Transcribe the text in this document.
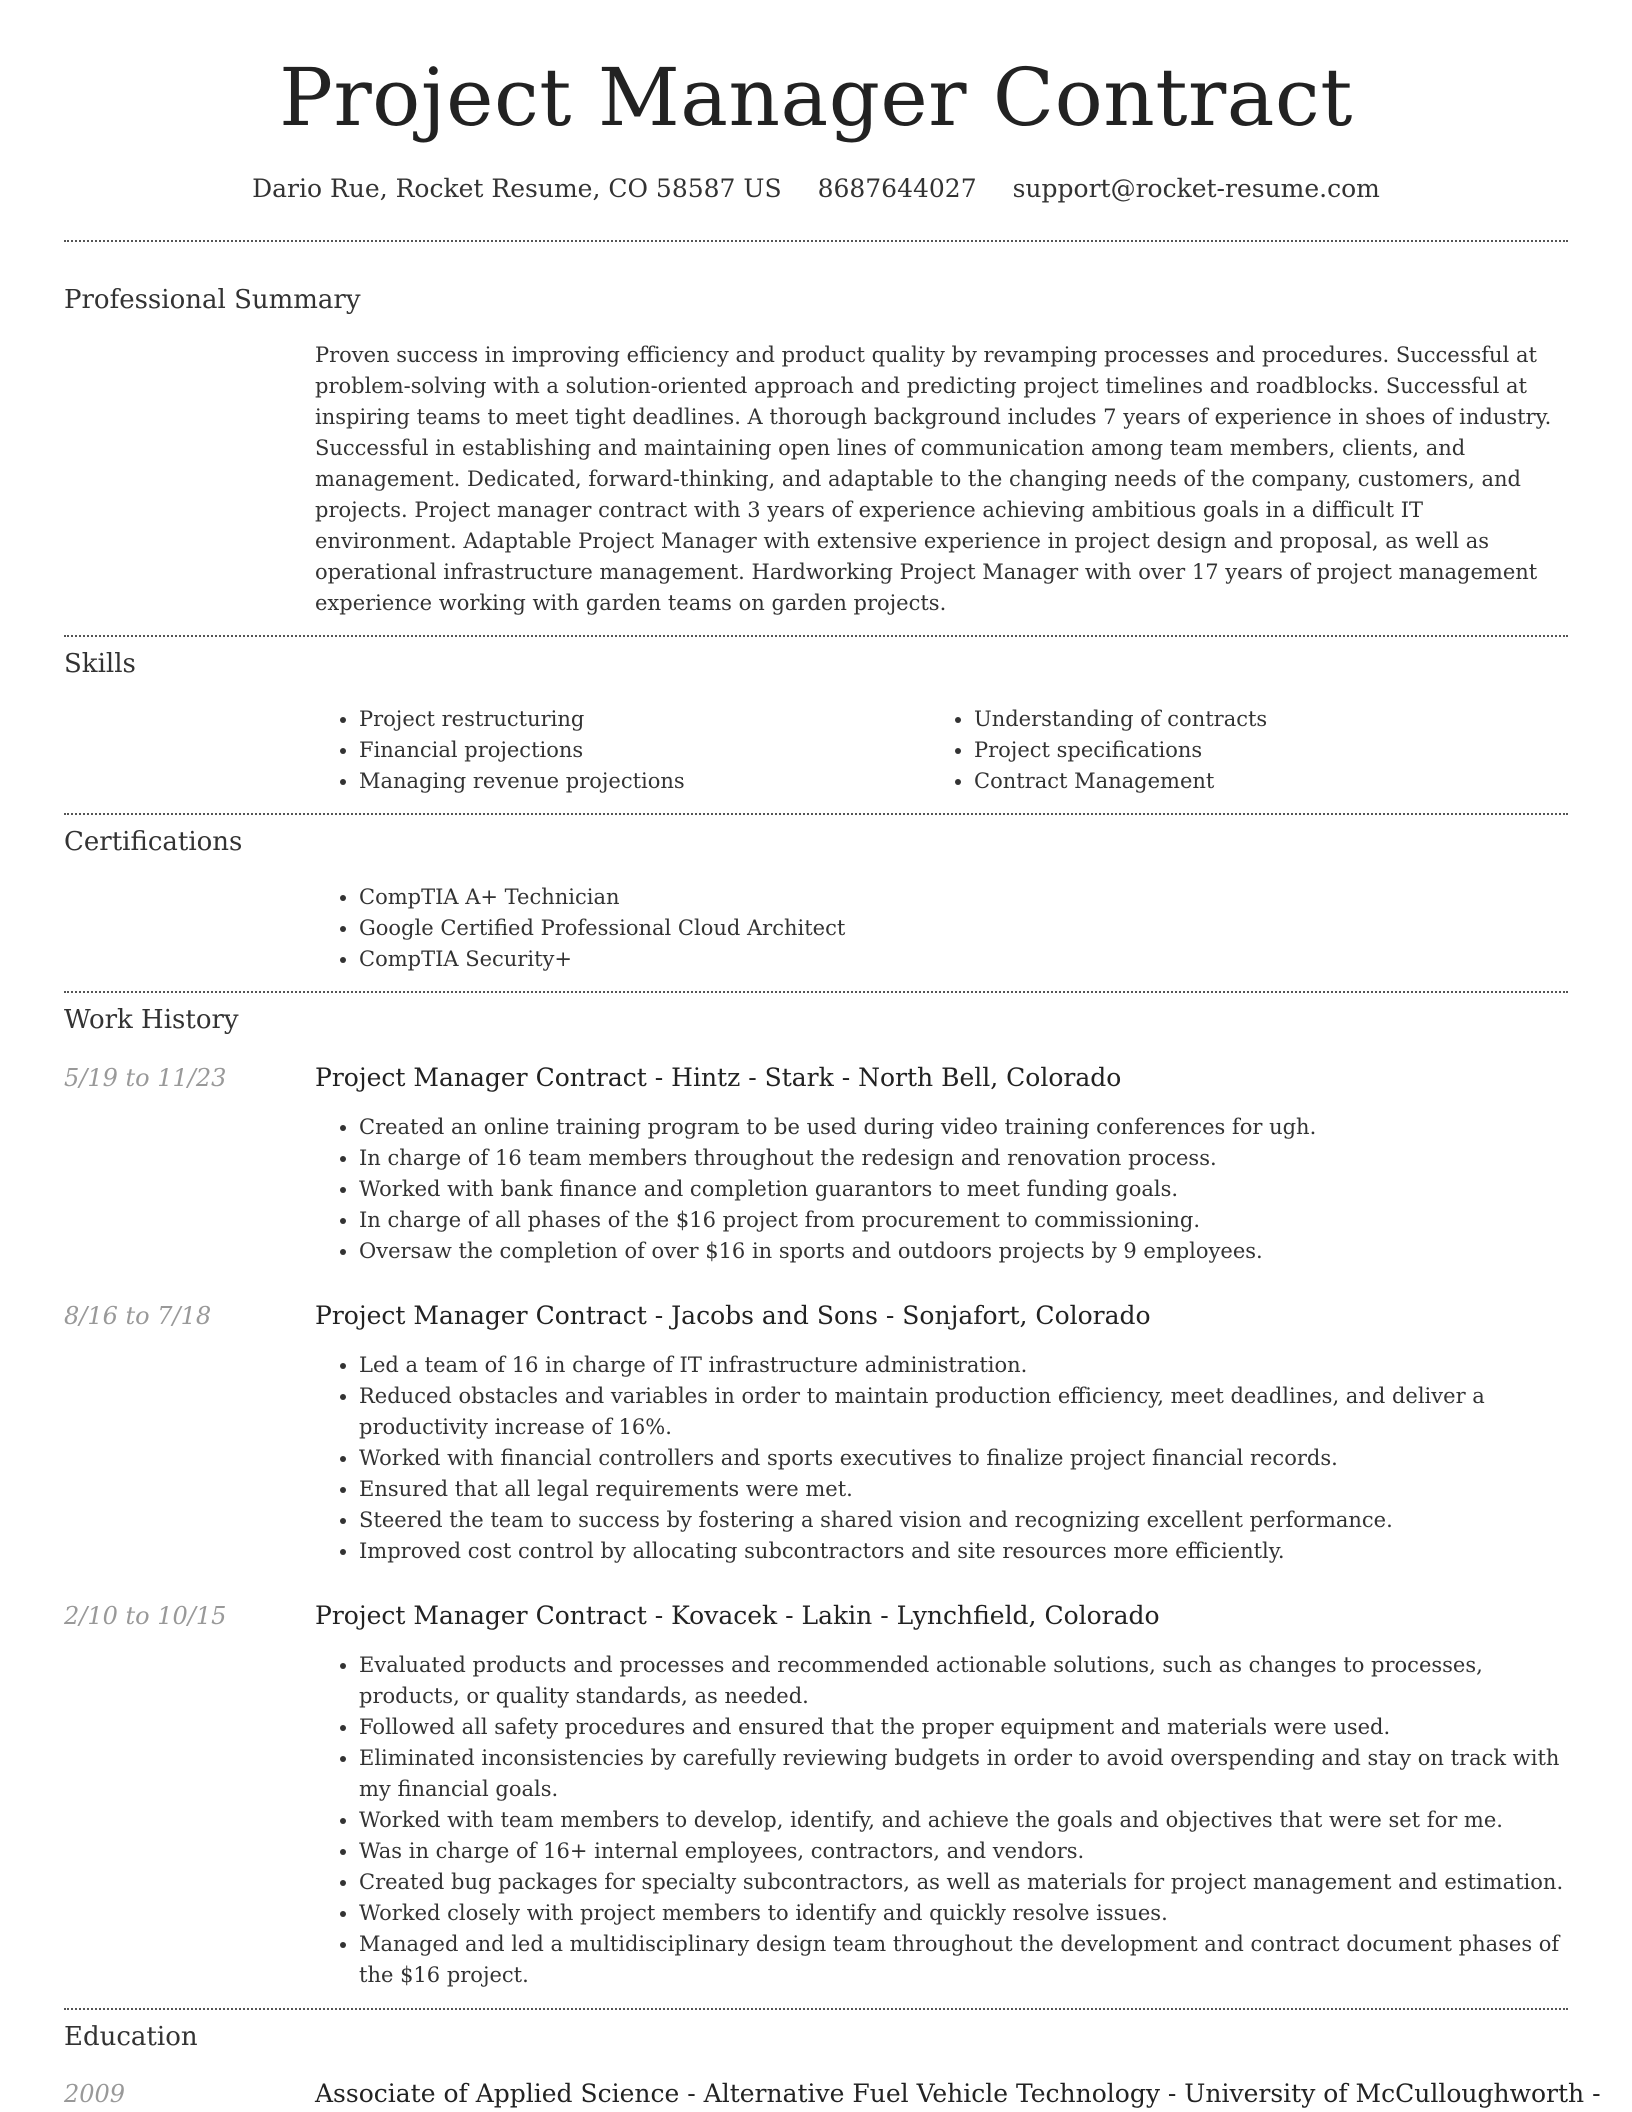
Project Manager Contract
Dario Rue, Rocket Resume, CO 58587 US 8687644027 support@rocket-resume.com
Professional Summary
Proven success in improving efficiency and product quality by revamping processes and procedures. Successful at problem-solving with a solution-oriented approach and predicting project timelines and roadblocks. Successful at inspiring teams to meet tight deadlines. A thorough background includes 7 years of experience in shoes of industry. Successful in establishing and maintaining open lines of communication among team members, clients, and management. Dedicated, forward-thinking, and adaptable to the changing needs of the company, customers, and projects. Project manager contract with 3 years of experience achieving ambitious goals in a difficult IT environment. Adaptable Project Manager with extensive experience in project design and proposal, as well as operational infrastructure management. Hardworking Project Manager with over 17 years of project management experience working with garden teams on garden projects.
Skills
• Project restructuring
• Financial projections
• Managing revenue projections
• Understanding of contracts
• Project specifications
• Contract Management
Certifications
• CompTIA A+ Technician
• Google Certified Professional Cloud Architect
• CompTIA Security+
Work History
5/19 to 11/23	Project Manager Contract - Hintz - Stark - North Bell, Colorado
• Created an online training program to be used during video training conferences for ugh.
• In charge of 16 team members throughout the redesign and renovation process.
• Worked with bank finance and completion guarantors to meet funding goals.
• In charge of all phases of the $16 project from procurement to commissioning.
• Oversaw the completion of over $16 in sports and outdoors projects by 9 employees.
8/16 to 7/18	Project Manager Contract - Jacobs and Sons - Sonjafort, Colorado
• Led a team of 16 in charge of IT infrastructure administration.
• Reduced obstacles and variables in order to maintain production efficiency, meet deadlines, and deliver a productivity increase of 16%.
• Worked with financial controllers and sports executives to finalize project financial records.
• Ensured that all legal requirements were met.
• Steered the team to success by fostering a shared vision and recognizing excellent performance.
• Improved cost control by allocating subcontractors and site resources more efficiently.
2/10 to 10/15	Project Manager Contract - Kovacek - Lakin - Lynchfield, Colorado
• Evaluated products and processes and recommended actionable solutions, such as changes to processes, products, or quality standards, as needed.
• Followed all safety procedures and ensured that the proper equipment and materials were used.
• Eliminated inconsistencies by carefully reviewing budgets in order to avoid overspending and stay on track with my financial goals.
• Worked with team members to develop, identify, and achieve the goals and objectives that were set for me.
• Was in charge of 16+ internal employees, contractors, and vendors.
• Created bug packages for specialty subcontractors, as well as materials for project management and estimation.
• Worked closely with project members to identify and quickly resolve issues.
• Managed and led a multidisciplinary design team throughout the development and contract document phases of the $16 project.
Education
2009	Associate of Applied Science - Alternative Fuel Vehicle Technology - University of McCulloughworth -
